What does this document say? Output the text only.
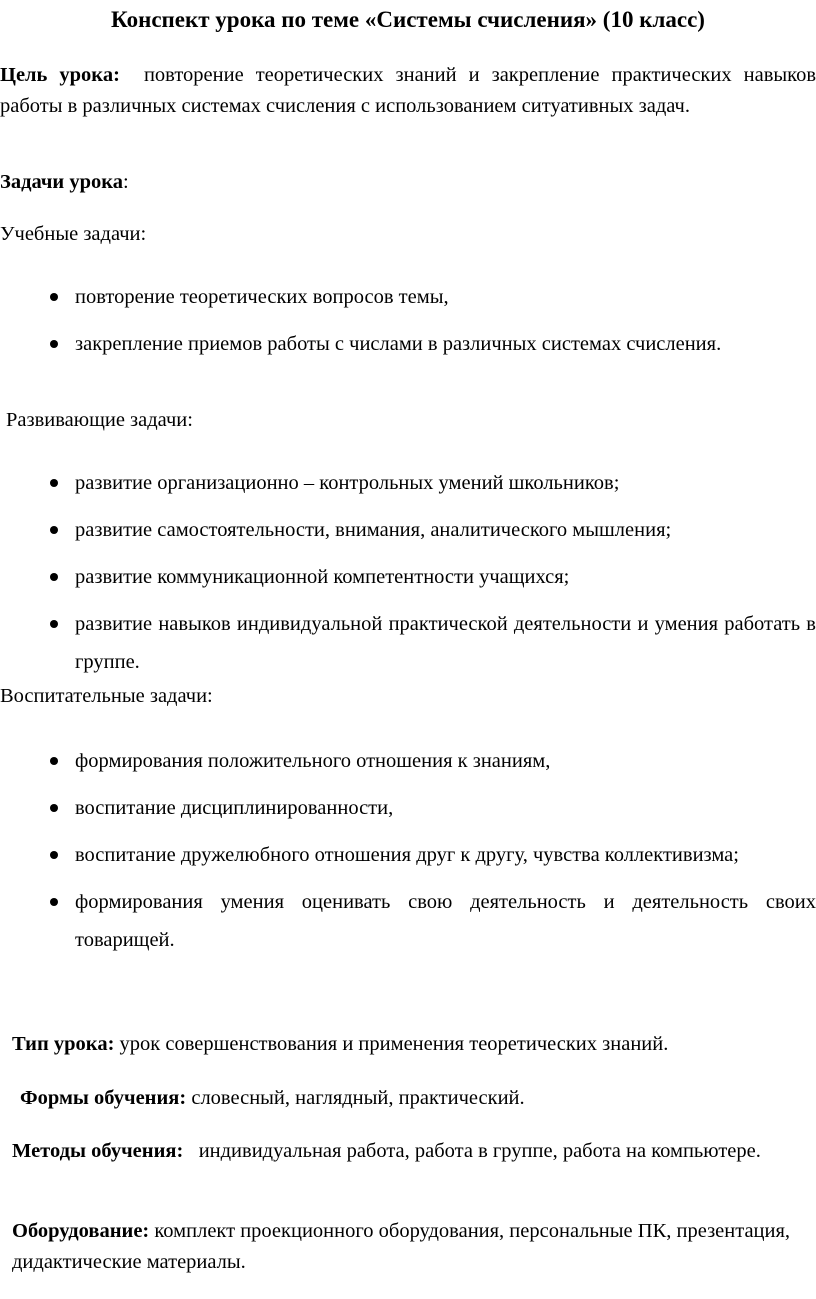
Конспект урока по теме «Системы счисления» (10 класс)
Цель урока: повторение теоретических знаний и закрепление практических навыков работы в различных системах счисления с использованием ситуативных задач.
Задачи урока:
Учебные задачи:
повторение теоретических вопросов темы,
закрепление приемов работы с числами в различных системах счисления.
Развивающие задачи:
развитие организационно – контрольных умений школьников;
развитие самостоятельности, внимания, аналитического мышления;
развитие коммуникационной компетентности учащихся;
развитие навыков индивидуальной практической деятельности и умения работать в группе.
Воспитательные задачи:
формирования положительного отношения к знаниям,
воспитание дисциплинированности,
воспитание дружелюбного отношения друг к другу, чувства коллективизма;
формирования умения оценивать свою деятельность и деятельность своих товарищей.
Тип урока: урок совершенствования и применения теоретических знаний.
Формы обучения: словесный, наглядный, практический.
Методы обучения: индивидуальная работа, работа в группе, работа на компьютере.
Оборудование: комплект проекционного оборудования, персональные ПК, презентация, дидактические материалы.
